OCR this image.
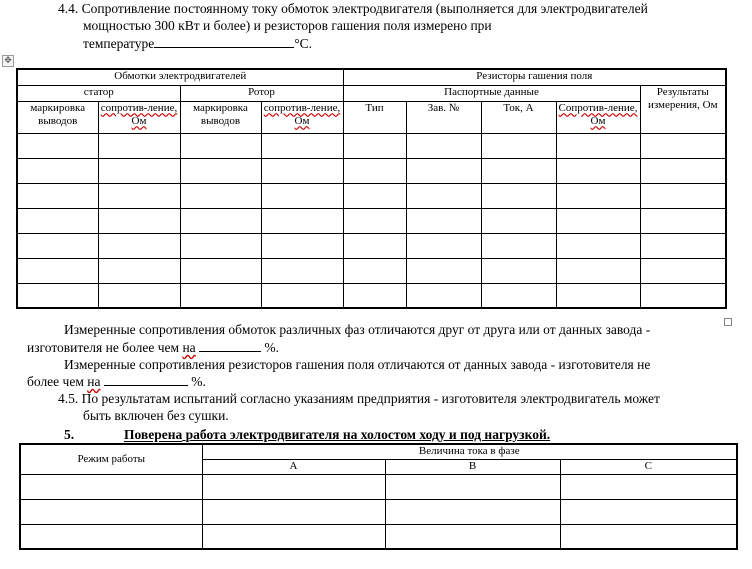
4.4. Сопротивление постоянному току обмоток электродвигателя (выполняется для электродвигателей
мощностью 300 кВт и более) и резисторов гашения поля измерено при
температуре	°С.
✥
Обмотки электродвигателей				Резисторы гашения поля				
статор		Ротор		Паспортные данные				Результаты измерения, Ом
маркировка выводов	сопротив-ление, Ом	маркировка выводов	сопротив-ление, Ом	Тип	Зав. №	Ток, А	Сопротив-ление, Ом	

Измеренные сопротивления обмоток различных фаз отличаются друг от друга или от данных завода -
изготовителя не более чем на	%.
Измеренные сопротивления резисторов гашения поля отличаются от данных завода - изготовителя не
более чем на	%.
4.5. По результатам испытаний согласно указаниям предприятия - изготовителя электродвигатель может
быть включен без сушки.
5.	Поверена работа электродвигателя на холостом ходу и под нагрузкой.
Режим работы	Величина тока в фазе		
	А	В	С
